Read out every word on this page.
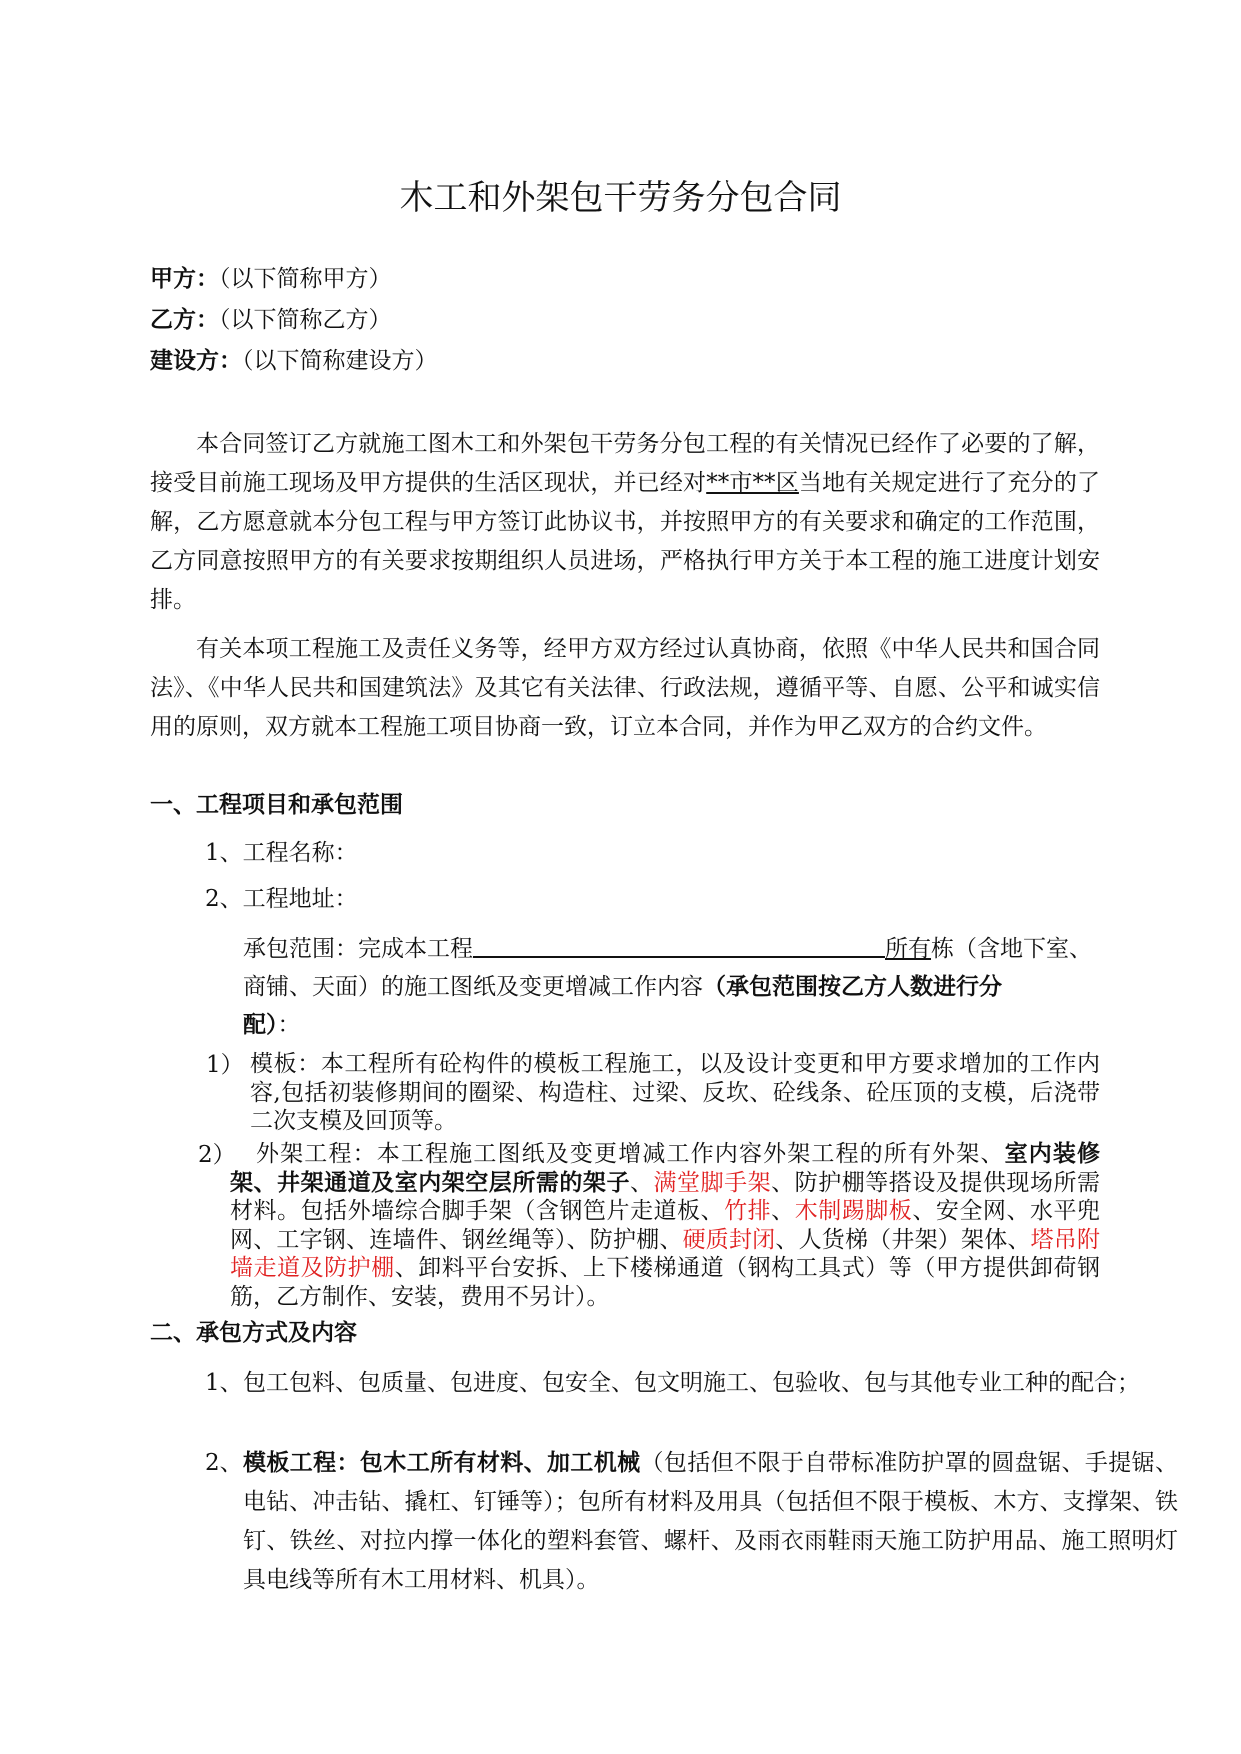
木工和外架包干劳务分包合同
甲方：（以下简称甲方）
乙方：（以下简称乙方）
建设方：（以下简称建设方）
本合同签订乙方就施工图木工和外架包干劳务分包工程的有关情况已经作了必要的了解，接受目前施工现场及甲方提供的生活区现状，并已经对**市**区当地有关规定进行了充分的了解，乙方愿意就本分包工程与甲方签订此协议书，并按照甲方的有关要求和确定的工作范围，乙方同意按照甲方的有关要求按期组织人员进场，严格执行甲方关于本工程的施工进度计划安排。
有关本项工程施工及责任义务等，经甲方双方经过认真协商，依照《中华人民共和国合同法》、《中华人民共和国建筑法》及其它有关法律、行政法规，遵循平等、自愿、公平和诚实信用的原则，双方就本工程施工项目协商一致，订立本合同，并作为甲乙双方的合约文件。
一、工程项目和承包范围
1、工程名称：
2、工程地址：
承包范围：完成本工程	所有栋（含地下室、
商铺、天面）的施工图纸及变更增减工作内容（承包范围按乙方人数进行分
配）：
1） 模板：本工程所有砼构件的模板工程施工，以及设计变更和甲方要求增加的工作内容,包括初装修期间的圈梁、构造柱、过梁、反坎、砼线条、砼压顶的支模，后浇带二次支模及回顶等。
2） 外架工程：本工程施工图纸及变更增减工作内容外架工程的所有外架、室内装修架、井架通道及室内架空层所需的架子、满堂脚手架、防护棚等搭设及提供现场所需材料。包括外墙综合脚手架（含钢笆片走道板、竹排、木制踢脚板、安全网、水平兜网、工字钢、连墙件、钢丝绳等）、防护棚、硬质封闭、人货梯（井架）架体、塔吊附墙走道及防护棚、卸料平台安拆、上下楼梯通道（钢构工具式）等（甲方提供卸荷钢筋，乙方制作、安装，费用不另计）。
二、承包方式及内容
1、 包工包料、包质量、包进度、包安全、包文明施工、包验收、包与其他专业工种的配合；
2、 模板工程：包木工所有材料、加工机械（包括但不限于自带标准防护罩的圆盘锯、手提锯、电钻、冲击钻、撬杠、钉锤等）；包所有材料及用具（包括但不限于模板、木方、支撑架、铁钉、铁丝、对拉内撑一体化的塑料套管、螺杆、及雨衣雨鞋雨天施工防护用品、施工照明灯具电线等所有木工用材料、机具）。
